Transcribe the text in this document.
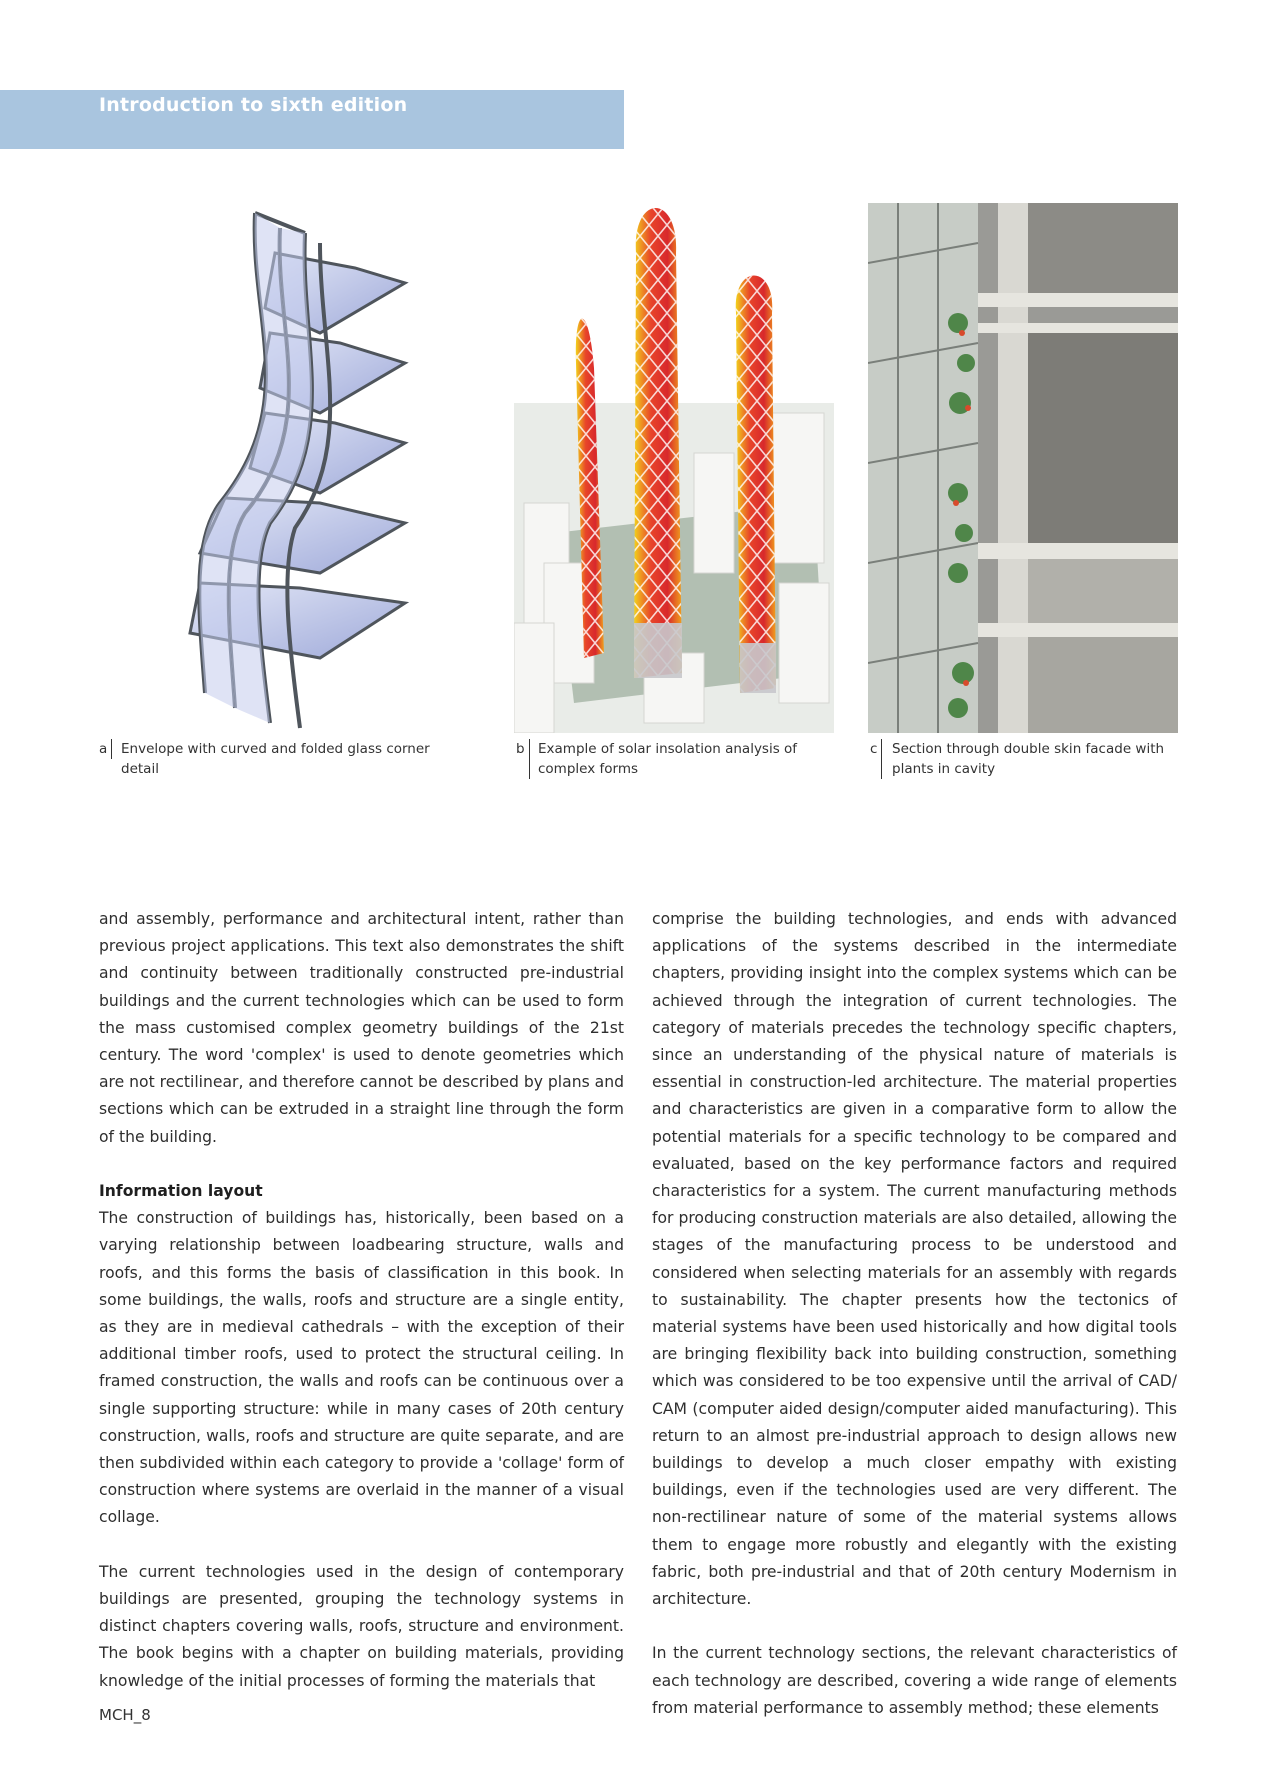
Introduction to sixth edition
a	Envelope with curved and folded glass corner detail
b Example of solar insolation analysis of complex forms
c	Section through double skin facade with plants in cavity

and assembly, performance and architectural intent, rather than previous project applications. This text also demonstrates the shift and continuity between traditionally constructed pre-industrial buildings and the current technologies which can be used to form the mass customised complex geometry buildings of the 21st century. The word 'complex' is used to denote geometries which are not rectilinear, and therefore cannot be described by plans and sections which can be extruded in a straight line through the form of the building.

Information layout

The construction of buildings has, historically, been based on a varying relationship between loadbearing structure, walls and roofs, and this forms the basis of classification in this book. In some buildings, the walls, roofs and structure are a single entity, as they are in medieval cathedrals – with the exception of their additional timber roofs, used to protect the structural ceiling. In framed construction, the walls and roofs can be continuous over a single supporting structure: while in many cases of 20th century construction, walls, roofs and structure are quite separate, and are then subdivided within each category to provide a 'collage' form of construction where systems are overlaid in the manner of a visual collage.

The current technologies used in the design of contemporary buildings are presented, grouping the technology systems in distinct chapters covering walls, roofs, structure and environment. The book begins with a chapter on building materials, providing knowledge of the initial processes of forming the materials that

comprise the building technologies, and ends with advanced applications of the systems described in the intermediate chapters, providing insight into the complex systems which can be achieved through the integration of current technologies. The category of materials precedes the technology specific chapters, since an understanding of the physical nature of materials is essential in construction-led architecture. The material properties and characteristics are given in a comparative form to allow the potential materials for a specific technology to be compared and evaluated, based on the key performance factors and required characteristics for a system. The current manufacturing methods for producing construction materials are also detailed, allowing the stages of the manufacturing process to be understood and considered when selecting materials for an assembly with regards to sustainability. The chapter presents how the tectonics of material systems have been used historically and how digital tools are bringing flexibility back into building construction, something which was considered to be too expensive until the arrival of CAD/ CAM (computer aided design/computer aided manufacturing). This return to an almost pre-industrial approach to design allows new buildings to develop a much closer empathy with existing buildings, even if the technologies used are very different. The non-rectilinear nature of some of the material systems allows them to engage more robustly and elegantly with the existing fabric, both pre-industrial and that of 20th century Modernism in architecture.

In the current technology sections, the relevant characteristics of each technology are described, covering a wide range of elements from material performance to assembly method; these elements

MCH_8
